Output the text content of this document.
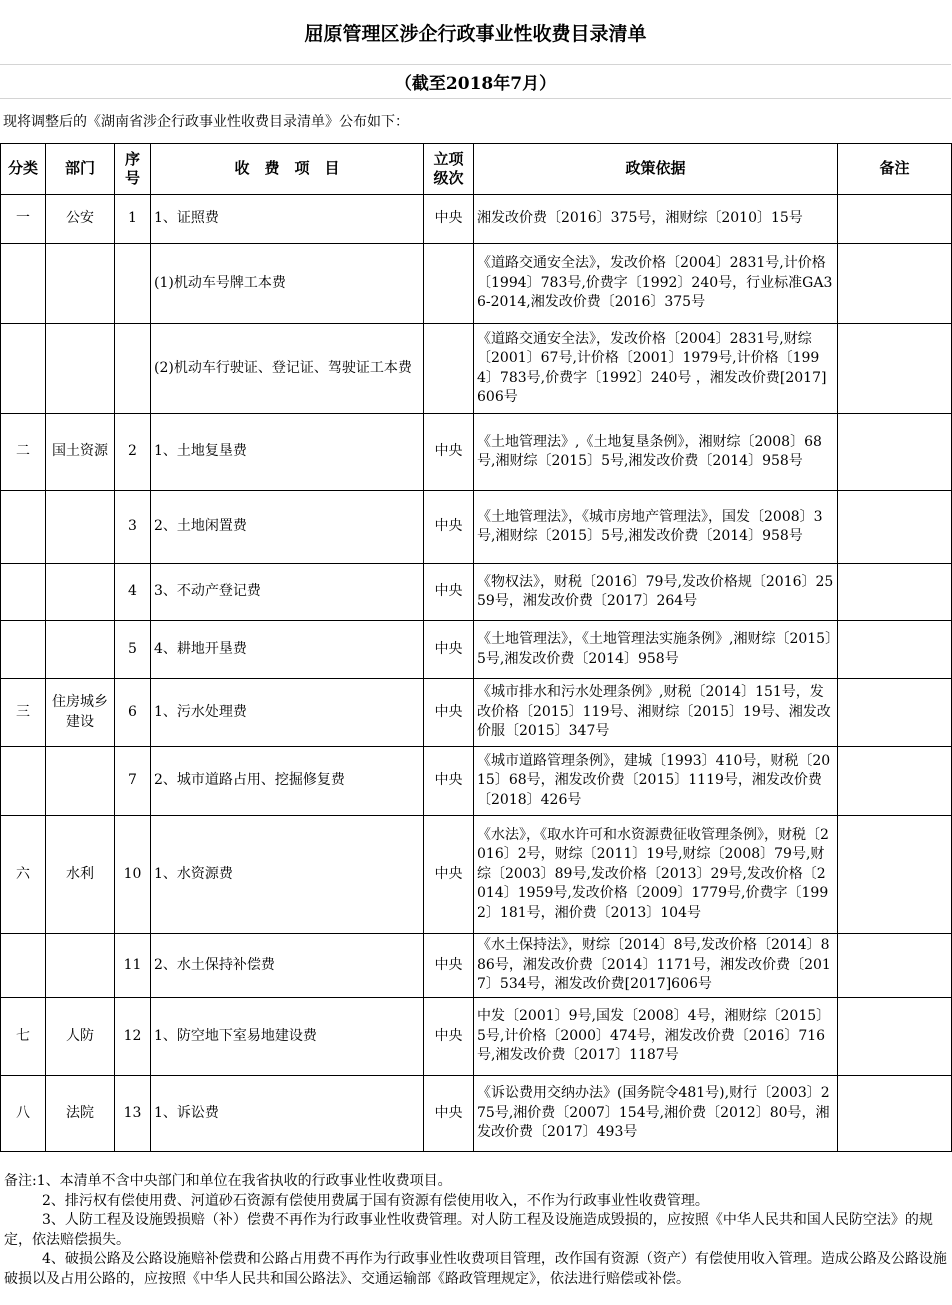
屈原管理区涉企行政事业性收费目录清单
（截至2018年7月）
现将调整后的《湖南省涉企行政事业性收费目录清单》公布如下：
分类	部门	序号	收　费　项　目	立项级次	政策依据	备注
一	公安	1	1、证照费	中央	湘发改价费〔2016〕375号，湘财综〔2010〕15号	
			(1)机动车号牌工本费		《道路交通安全法》，发改价格〔2004〕2831号,计价格〔1994〕783号,价费字〔1992〕240号，行业标准GA36-2014,湘发改价费〔2016〕375号	
			(2)机动车行驶证、登记证、驾驶证工本费		《道路交通安全法》，发改价格〔2004〕2831号,财综〔2001〕67号,计价格〔2001〕1979号,计价格〔1994〕783号,价费字〔1992〕240号 ，湘发改价费[2017]606号	
二	国土资源	2	1、土地复垦费	中央	《土地管理法》,《土地复垦条例》，湘财综〔2008〕68号,湘财综〔2015〕5号,湘发改价费〔2014〕958号	
		3	2、土地闲置费	中央	《土地管理法》，《城市房地产管理法》，国发〔2008〕3号,湘财综〔2015〕5号,湘发改价费〔2014〕958号	
		4	3、不动产登记费	中央	《物权法》，财税〔2016〕79号,发改价格规〔2016〕2559号，湘发改价费〔2017〕264号	
		5	4、耕地开垦费	中央	《土地管理法》，《土地管理法实施条例》,湘财综〔2015〕5号,湘发改价费〔2014〕958号	
三	住房城乡建设	6	1、污水处理费	中央	《城市排水和污水处理条例》,财税〔2014〕151号，发改价格〔2015〕119号、湘财综〔2015〕19号、湘发改价服〔2015〕347号	
		7	2、城市道路占用、挖掘修复费	中央	《城市道路管理条例》，建城〔1993〕410号，财税〔2015〕68号，湘发改价费〔2015〕1119号，湘发改价费〔2018〕426号	
六	水利	10	1、水资源费	中央	《水法》，《取水许可和水资源费征收管理条例》，财税〔2016〕2号，财综〔2011〕19号,财综〔2008〕79号,财综〔2003〕89号,发改价格〔2013〕29号,发改价格〔2014〕1959号,发改价格〔2009〕1779号,价费字〔1992〕181号，湘价费〔2013〕104号	
		11	2、水土保持补偿费	中央	《水土保持法》，财综〔2014〕8号,发改价格〔2014〕886号，湘发改价费〔2014〕1171号，湘发改价费〔2017〕534号，湘发改价费[2017]606号	
七	人防	12	1、防空地下室易地建设费	中央	中发〔2001〕9号,国发〔2008〕4号，湘财综〔2015〕5号,计价格〔2000〕474号，湘发改价费〔2016〕716号,湘发改价费〔2017〕1187号	
八	法院	13	1、诉讼费	中央	《诉讼费用交纳办法》(国务院令481号),财行〔2003〕275号,湘价费〔2007〕154号,湘价费〔2012〕80号，湘发改价费〔2017〕493号	
备注:1、本清单不含中央部门和单位在我省执收的行政事业性收费项目。
2、排污权有偿使用费、河道砂石资源有偿使用费属于国有资源有偿使用收入，不作为行政事业性收费管理。
3、人防工程及设施毁损赔（补）偿费不再作为行政事业性收费管理。对人防工程及设施造成毁损的，应按照《中华人民共和国人民防空法》的规定，依法赔偿损失。
4、破损公路及公路设施赔补偿费和公路占用费不再作为行政事业性收费项目管理，改作国有资源（资产）有偿使用收入管理。造成公路及公路设施破损以及占用公路的，应按照《中华人民共和国公路法》、交通运输部《路政管理规定》，依法进行赔偿或补偿。
